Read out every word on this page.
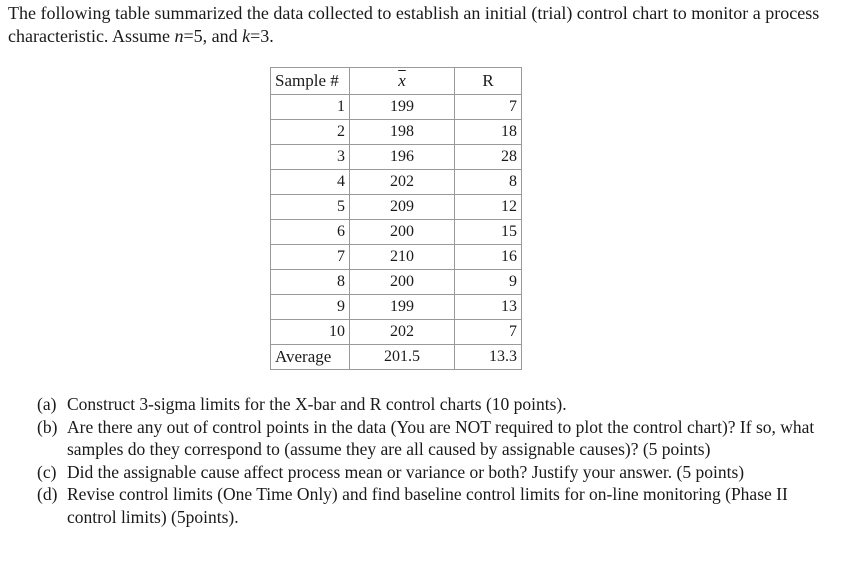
The following table summarized the data collected to establish an initial (trial) control chart to monitor a process characteristic. Assume n=5, and k=3.
Sample #	$\overline{x}$	R
1	199	7
2	198	18
3	196	28
4	202	8
5	209	12
6	200	15
7	210	16
8	200	9
9	199	13
10	202	7
Average	201.5	13.3
(a) Construct 3-sigma limits for the X-bar and R control charts (10 points).
(b) Are there any out of control points in the data (You are NOT required to plot the control chart)? If so, what samples do they correspond to (assume they are all caused by assignable causes)? (5 points)
(c) Did the assignable cause affect process mean or variance or both? Justify your answer. (5 points)
(d) Revise control limits (One Time Only) and find baseline control limits for on-line monitoring (Phase II control limits) (5points).
